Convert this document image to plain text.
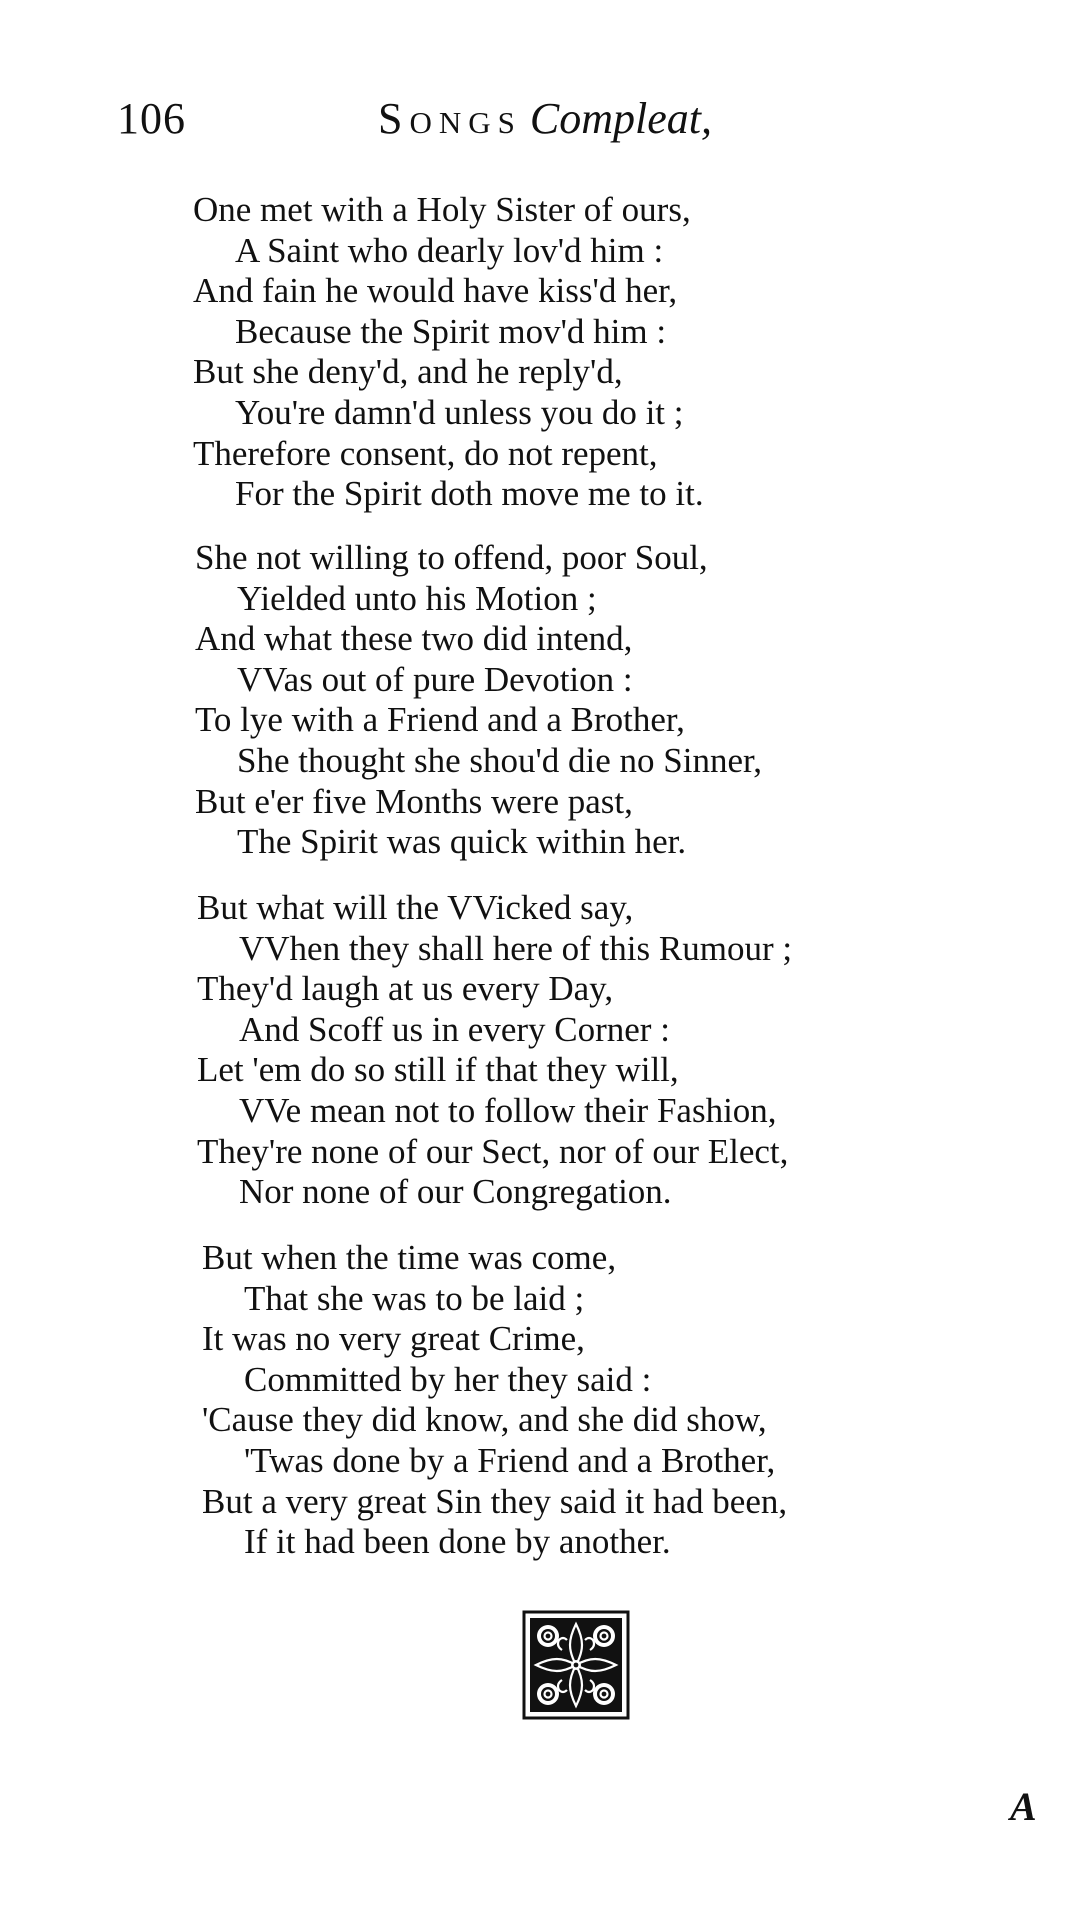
106	Songs Compleat,
One met with a Holy Sister of ours,
A Saint who dearly lov'd him :
And fain he would have kiss'd her,
Because the Spirit mov'd him :
But she deny'd, and he reply'd,
You're damn'd unless you do it ;
Therefore consent, do not repent,
For the Spirit doth move me to it.
She not willing to offend, poor Soul,
Yielded unto his Motion ;
And what these two did intend,
VVas out of pure Devotion :
To lye with a Friend and a Brother,
She thought she shou'd die no Sinner,
But e'er five Months were past,
The Spirit was quick within her.
But what will the VVicked say,
VVhen they shall here of this Rumour ;
They'd laugh at us every Day,
And Scoff us in every Corner :
Let 'em do so still if that they will,
VVe mean not to follow their Fashion,
They're none of our Sect, nor of our Elect,
Nor none of our Congregation.
But when the time was come,
That she was to be laid ;
It was no very great Crime,
Committed by her they said :
'Cause they did know, and she did show,
'Twas done by a Friend and a Brother,
But a very great Sin they said it had been,
If it had been done by another.
A
